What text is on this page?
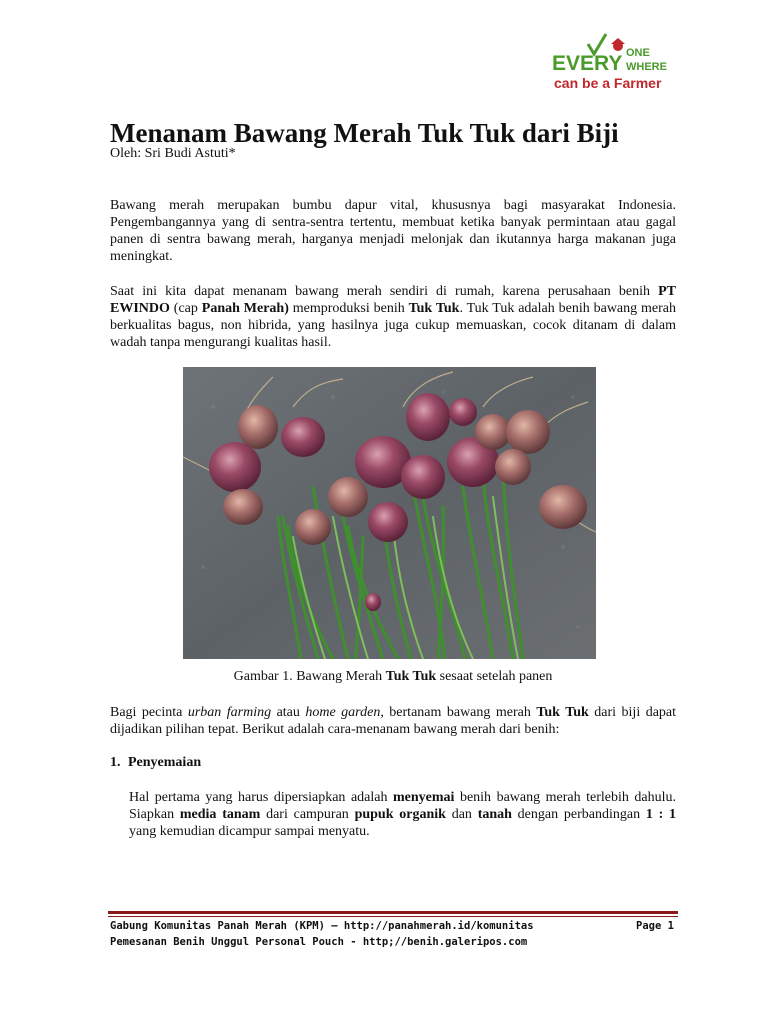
EVERY ONE
WHERE
can be a Farmer
Menanam Bawang Merah Tuk Tuk dari Biji
Oleh: Sri Budi Astuti*

Bawang merah merupakan bumbu dapur vital, khususnya bagi masyarakat Indonesia. Pengembangannya yang di sentra-sentra tertentu, membuat ketika banyak permintaan atau gagal panen di sentra bawang merah, harganya menjadi melonjak dan ikutannya harga makanan juga meningkat.

Saat ini kita dapat menanam bawang merah sendiri di rumah, karena perusahaan benih PT EWINDO (cap Panah Merah) memproduksi benih Tuk Tuk. Tuk Tuk adalah benih bawang merah berkualitas bagus, non hibrida, yang hasilnya juga cukup memuaskan, cocok ditanam di dalam wadah tanpa mengurangi kualitas hasil.

Gambar 1. Bawang Merah Tuk Tuk sesaat setelah panen

Bagi pecinta urban farming atau home garden, bertanam bawang merah Tuk Tuk dari biji dapat dijadikan pilihan tepat. Berikut adalah cara-menanam bawang merah dari benih:

1. Penyemaian

Hal pertama yang harus dipersiapkan adalah menyemai benih bawang merah terlebih dahulu. Siapkan media tanam dari campuran pupuk organik dan tanah dengan perbandingan 1 : 1 yang kemudian dicampur sampai menyatu.

Gabung Komunitas Panah Merah (KPM) – http://panahmerah.id/komunitas
Pemesanan Benih Unggul Personal Pouch - http;//benih.galeripos.com
Page 1
